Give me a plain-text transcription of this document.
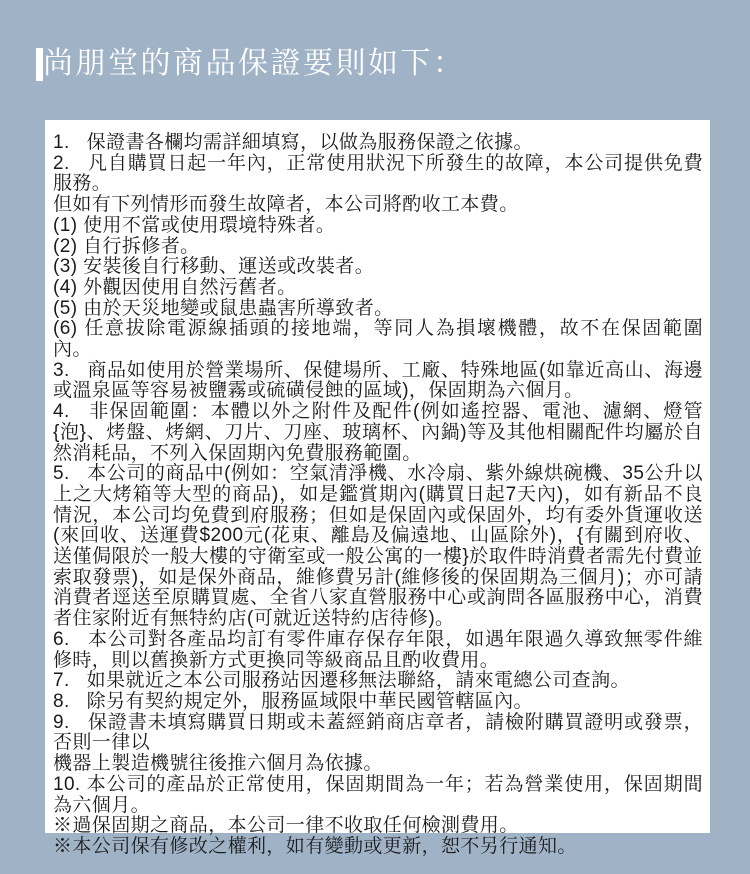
尚朋堂的商品保證要則如下：

1.   保證書各欄均需詳細填寫，以做為服務保證之依據。

2.   凡自購買日起一年內，正常使用狀況下所發生的故障，本公司提供免費服務。

但如有下列情形而發生故障者，本公司將酌收工本費。

(1) 使用不當或使用環境特殊者。

(2) 自行拆修者。

(3) 安裝後自行移動、運送或改裝者。

(4) 外觀因使用自然污舊者。

(5) 由於天災地變或鼠患蟲害所導致者。

(6) 任意拔除電源線插頭的接地端，等同人為損壞機體，故不在保固範圍內。

3.   商品如使用於營業場所、保健場所、工廠、特殊地區(如靠近高山、海邊或溫泉區等容易被鹽霧或硫磺侵蝕的區域)，保固期為六個月。

4.   非保固範圍：本體以外之附件及配件(例如遙控器、電池、濾網、燈管{泡}、烤盤、烤網、刀片、刀座、玻璃杯、內鍋)等及其他相關配件均屬於自然消耗品，不列入保固期內免費服務範圍。

5.   本公司的商品中(例如：空氣清淨機、水冷扇、紫外線烘碗機、35公升以上之大烤箱等大型的商品)，如是鑑賞期內(購買日起7天內)，如有新品不良情況，本公司均免費到府服務；但如是保固內或保固外，均有委外貨運收送(來回收、送運費$200元(花東、離島及偏遠地、山區除外)，{有關到府收、送僅侷限於一般大樓的守衛室或一般公寓的一樓}於取件時消費者需先付費並索取發票)，如是保外商品，維修費另計(維修後的保固期為三個月)；亦可請消費者逕送至原購買處、全省八家直營服務中心或詢問各區服務中心，消費者住家附近有無特約店(可就近送特約店待修)。

6.   本公司對各產品均訂有零件庫存保存年限，如遇年限過久導致無零件維修時，則以舊換新方式更換同等級商品且酌收費用。

7.   如果就近之本公司服務站因遷移無法聯絡，請來電總公司查詢。

8.   除另有契約規定外，服務區域限中華民國管轄區內。

9.   保證書未填寫購買日期或未蓋經銷商店章者，請檢附購買證明或發票，否則一律以

機器上製造機號往後推六個月為依據。

10. 本公司的產品於正常使用，保固期間為一年；若為營業使用，保固期間為六個月。

※過保固期之商品，本公司一律不收取任何檢測費用。

※本公司保有修改之權利，如有變動或更新，恕不另行通知。
